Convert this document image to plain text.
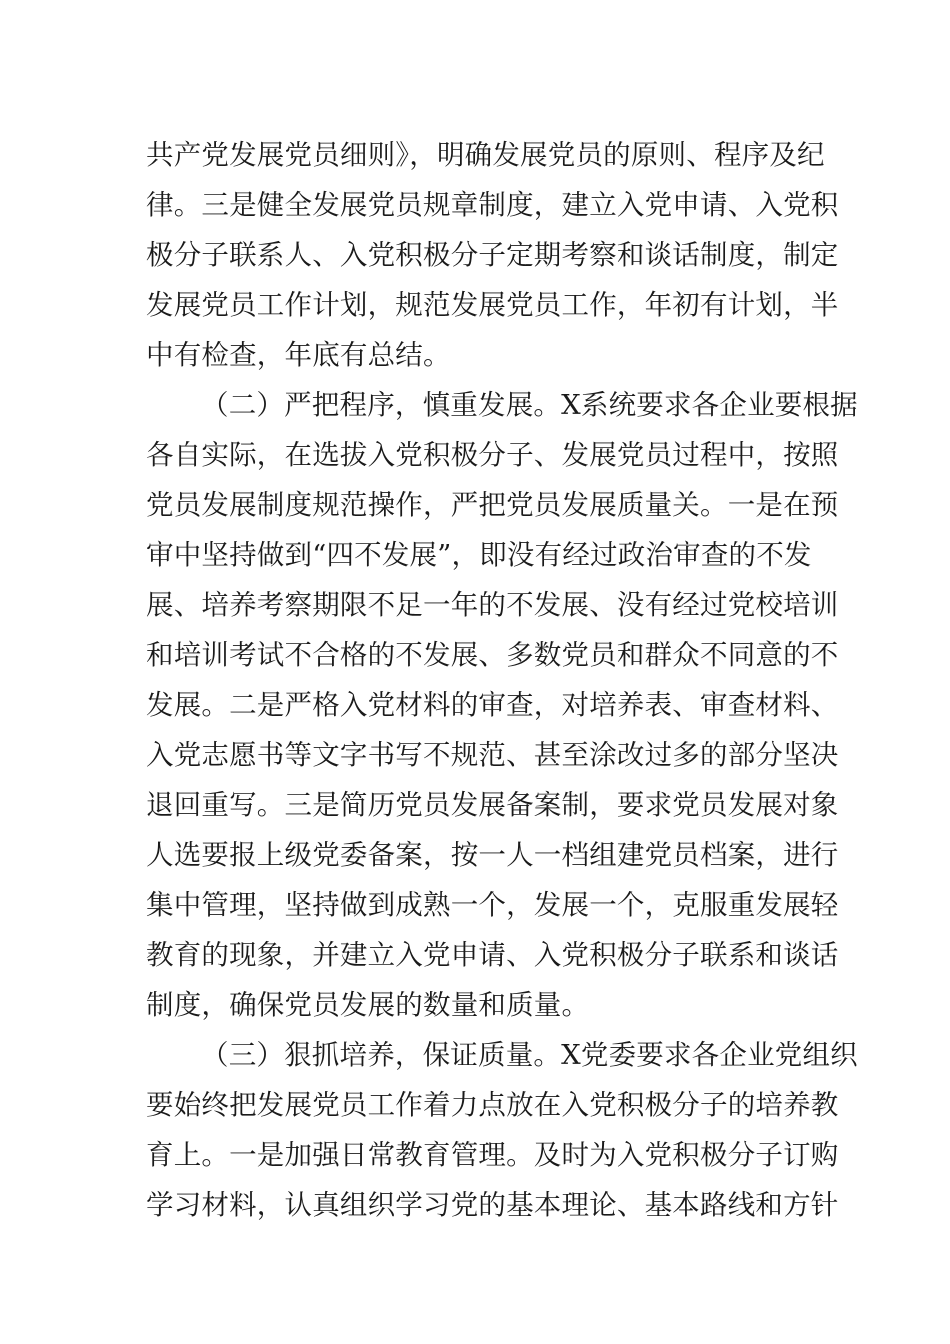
共产党发展党员细则》，明确发展党员的原则、程序及纪
律。三是健全发展党员规章制度，建立入党申请、入党积
极分子联系人、入党积极分子定期考察和谈话制度，制定
发展党员工作计划，规范发展党员工作，年初有计划，半
中有检查，年底有总结。
（二）严把程序，慎重发展。X系统要求各企业要根据
各自实际，在选拔入党积极分子、发展党员过程中，按照
党员发展制度规范操作，严把党员发展质量关。一是在预
审中坚持做到“四不发展”，即没有经过政治审查的不发
展、培养考察期限不足一年的不发展、没有经过党校培训
和培训考试不合格的不发展、多数党员和群众不同意的不
发展。二是严格入党材料的审查，对培养表、审查材料、
入党志愿书等文字书写不规范、甚至涂改过多的部分坚决
退回重写。三是简历党员发展备案制，要求党员发展对象
人选要报上级党委备案，按一人一档组建党员档案，进行
集中管理，坚持做到成熟一个，发展一个，克服重发展轻
教育的现象，并建立入党申请、入党积极分子联系和谈话
制度，确保党员发展的数量和质量。
（三）狠抓培养，保证质量。X党委要求各企业党组织
要始终把发展党员工作着力点放在入党积极分子的培养教
育上。一是加强日常教育管理。及时为入党积极分子订购
学习材料，认真组织学习党的基本理论、基本路线和方针
